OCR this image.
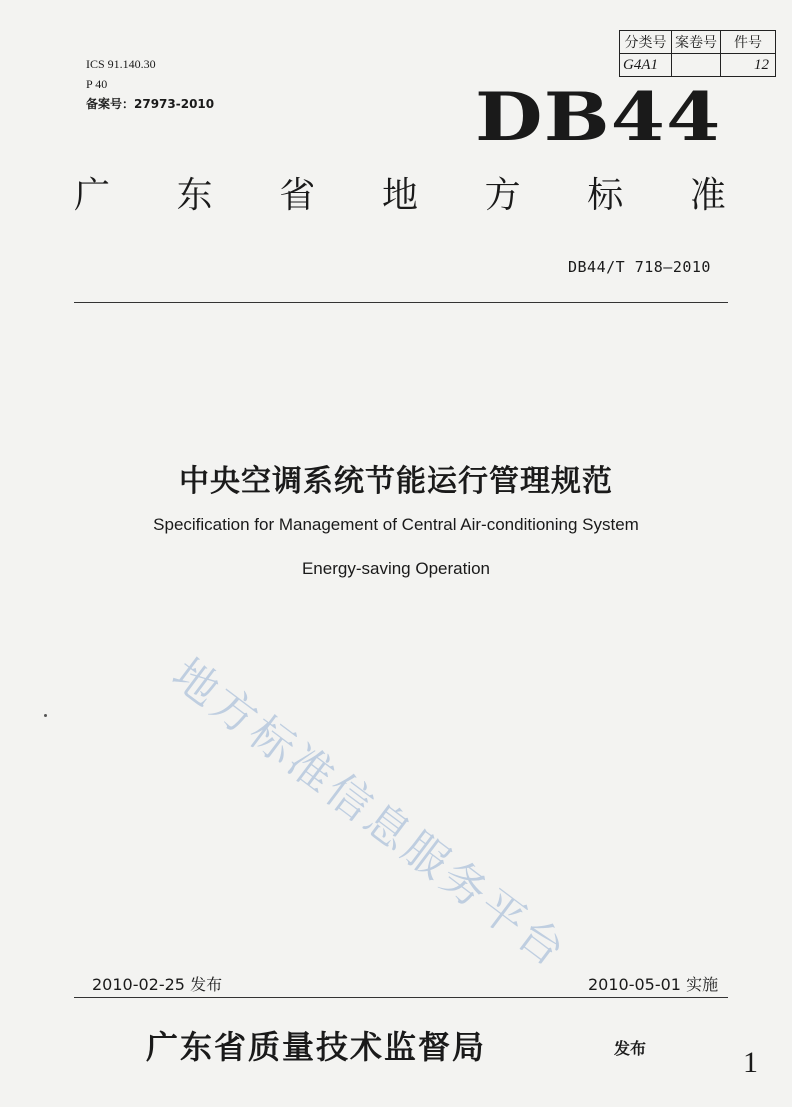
ICS 91.140.30
P 40
备案号：27973-2010
分类号	案卷号	件号
G4A1		12
DB44
广 东 省 地 方 标 准
DB44/T 718—2010
中央空调系统节能运行管理规范
Specification for Management of Central Air-conditioning System
Energy-saving Operation
地方标准信息服务平台
2010-02-25 发布	2010-05-01 实施
广东省质量技术监督局	发布	1
